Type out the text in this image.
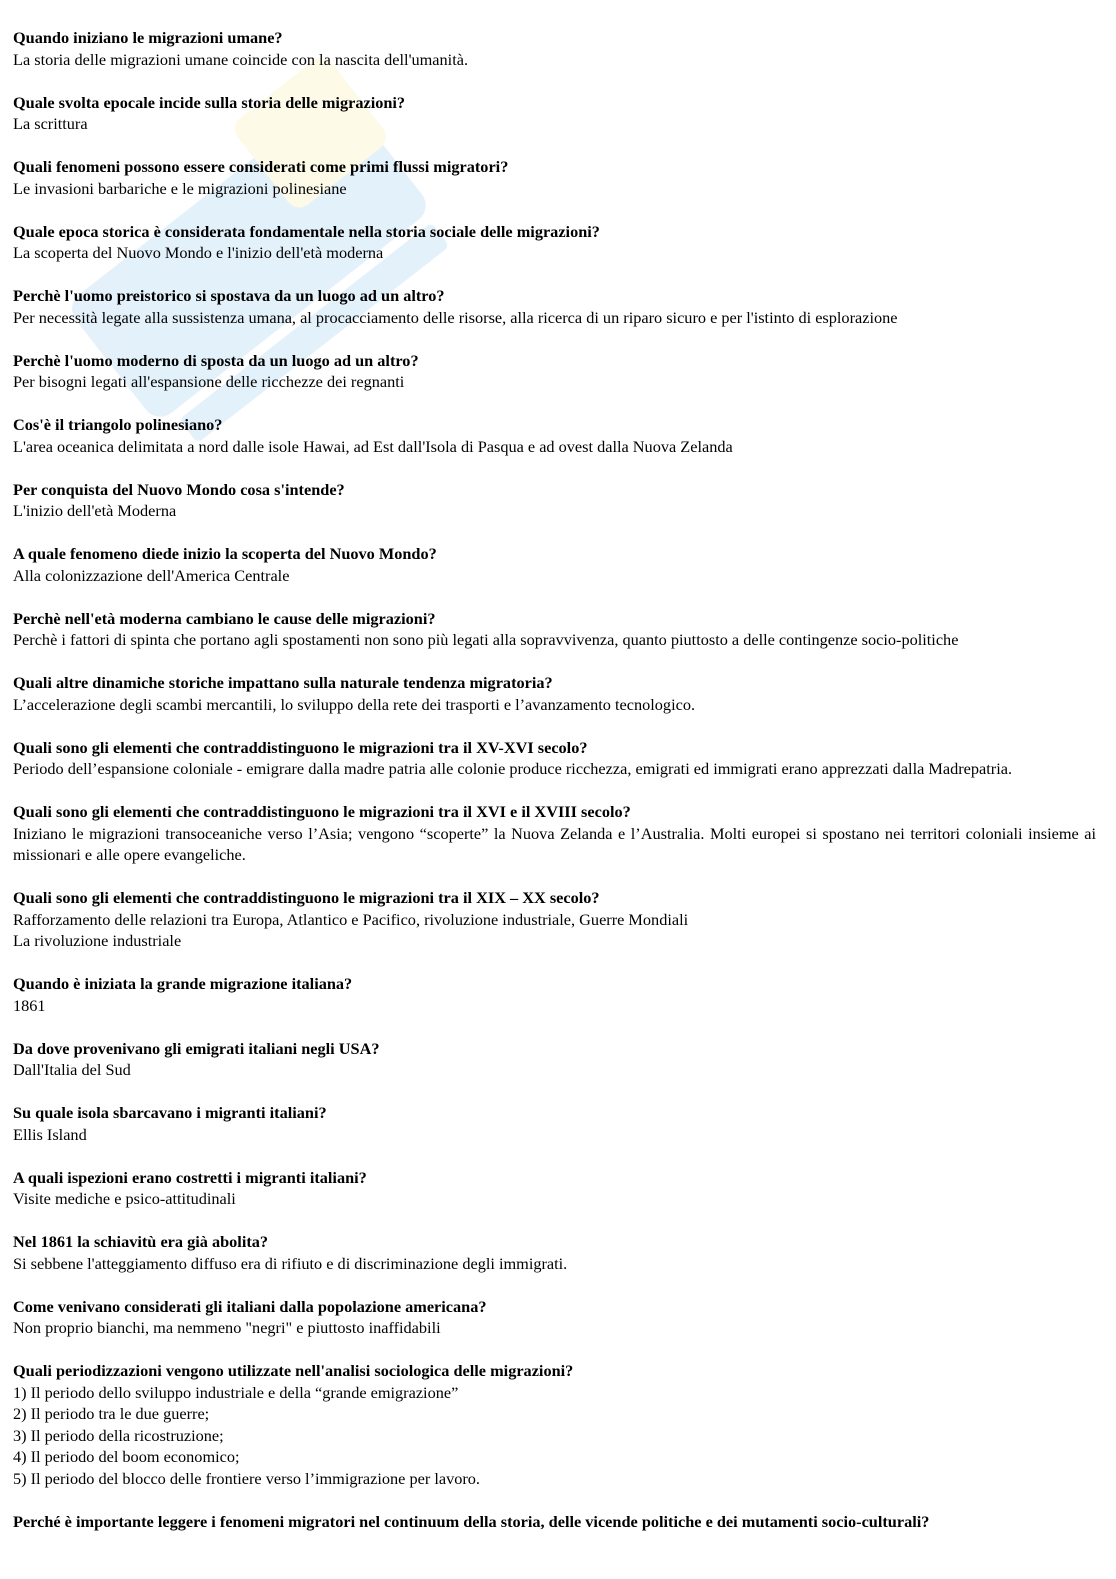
Quando iniziano le migrazioni umane?
La storia delle migrazioni umane coincide con la nascita dell'umanità.
Quale svolta epocale incide sulla storia delle migrazioni?
La scrittura
Quali fenomeni possono essere considerati come primi flussi migratori?
Le invasioni barbariche e le migrazioni polinesiane
Quale epoca storica è considerata fondamentale nella storia sociale delle migrazioni?
La scoperta del Nuovo Mondo e l'inizio dell'età moderna
Perchè l'uomo preistorico si spostava da un luogo ad un altro?
Per necessità legate alla sussistenza umana, al procacciamento delle risorse, alla ricerca di un riparo sicuro e per l'istinto di esplorazione
Perchè l'uomo moderno di sposta da un luogo ad un altro?
Per bisogni legati all'espansione delle ricchezze dei regnanti
Cos'è il triangolo polinesiano?
L'area oceanica delimitata a nord dalle isole Hawai, ad Est dall'Isola di Pasqua e ad ovest dalla Nuova Zelanda
Per conquista del Nuovo Mondo cosa s'intende?
L'inizio dell'età Moderna
A quale fenomeno diede inizio la scoperta del Nuovo Mondo?
Alla colonizzazione dell'America Centrale
Perchè nell'età moderna cambiano le cause delle migrazioni?
Perchè i fattori di spinta che portano agli spostamenti non sono più legati alla sopravvivenza, quanto piuttosto a delle contingenze socio-politiche
Quali altre dinamiche storiche impattano sulla naturale tendenza migratoria?
L’accelerazione degli scambi mercantili, lo sviluppo della rete dei trasporti e l’avanzamento tecnologico.
Quali sono gli elementi che contraddistinguono le migrazioni tra il XV-XVI secolo?
Periodo dell’espansione coloniale - emigrare dalla madre patria alle colonie produce ricchezza, emigrati ed immigrati erano apprezzati dalla Madrepatria.
Quali sono gli elementi che contraddistinguono le migrazioni tra il XVI e il XVIII secolo?
Iniziano le migrazioni transoceaniche verso l’Asia; vengono “scoperte” la Nuova Zelanda e l’Australia. Molti europei si spostano nei territori coloniali insieme ai missionari e alle opere evangeliche.
Quali sono gli elementi che contraddistinguono le migrazioni tra il XIX – XX secolo?
Rafforzamento delle relazioni tra Europa, Atlantico e Pacifico, rivoluzione industriale, Guerre Mondiali
La rivoluzione industriale
Quando è iniziata la grande migrazione italiana?
1861
Da dove provenivano gli emigrati italiani negli USA?
Dall'Italia del Sud
Su quale isola sbarcavano i migranti italiani?
Ellis Island
A quali ispezioni erano costretti i migranti italiani?
Visite mediche e psico-attitudinali
Nel 1861 la schiavitù era già abolita?
Si sebbene l'atteggiamento diffuso era di rifiuto e di discriminazione degli immigrati.
Come venivano considerati gli italiani dalla popolazione americana?
Non proprio bianchi, ma nemmeno "negri" e piuttosto inaffidabili
Quali periodizzazioni vengono utilizzate nell'analisi sociologica delle migrazioni?
1) Il periodo dello sviluppo industriale e della “grande emigrazione”
2) Il periodo tra le due guerre;
3) Il periodo della ricostruzione;
4) Il periodo del boom economico;
5) Il periodo del blocco delle frontiere verso l’immigrazione per lavoro.
Perché è importante leggere i fenomeni migratori nel continuum della storia, delle vicende politiche e dei mutamenti socio-culturali?
